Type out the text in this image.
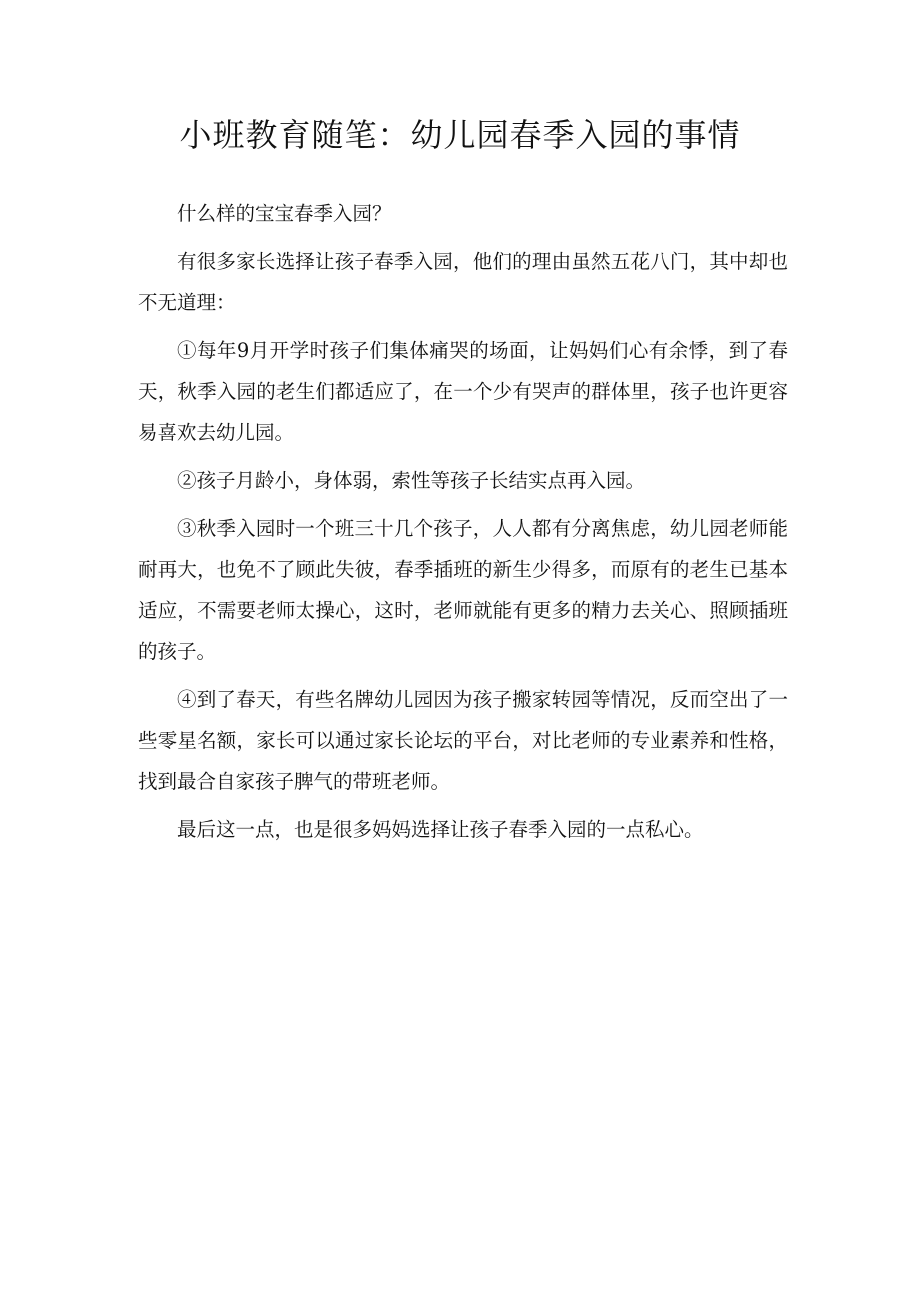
小班教育随笔：幼儿园春季入园的事情

什么样的宝宝春季入园？

有很多家长选择让孩子春季入园，他们的理由虽然五花八门，其中却也不无道理：

①每年9月开学时孩子们集体痛哭的场面，让妈妈们心有余悸，到了春天，秋季入园的老生们都适应了，在一个少有哭声的群体里，孩子也许更容易喜欢去幼儿园。

②孩子月龄小，身体弱，索性等孩子长结实点再入园。

③秋季入园时一个班三十几个孩子，人人都有分离焦虑，幼儿园老师能耐再大，也免不了顾此失彼，春季插班的新生少得多，而原有的老生已基本适应，不需要老师太操心，这时，老师就能有更多的精力去关心、照顾插班的孩子。

④到了春天，有些名牌幼儿园因为孩子搬家转园等情况，反而空出了一些零星名额，家长可以通过家长论坛的平台，对比老师的专业素养和性格，找到最合自家孩子脾气的带班老师。

最后这一点，也是很多妈妈选择让孩子春季入园的一点私心。
